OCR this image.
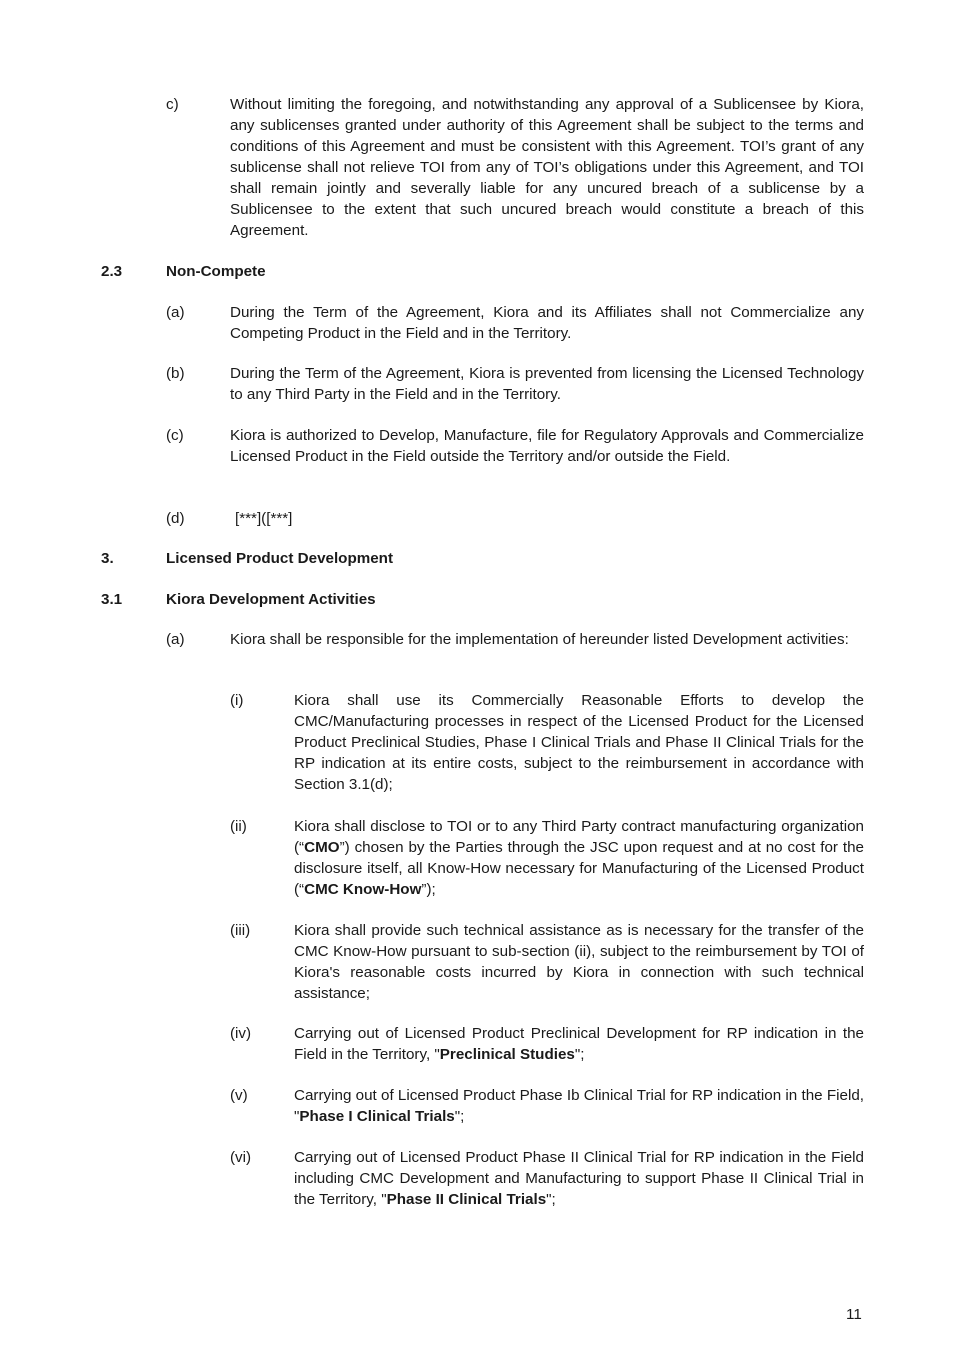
c)	Without limiting the foregoing, and notwithstanding any approval of a Sublicensee by Kiora, any sublicenses granted under authority of this Agreement shall be subject to the terms and conditions of this Agreement and must be consistent with this Agreement. TOI’s grant of any sublicense shall not relieve TOI from any of TOI’s obligations under this Agreement, and TOI shall remain jointly and severally liable for any uncured breach of a sublicense by a Sublicensee to the extent that such uncured breach would constitute a breach of this Agreement.
2.3	Non-Compete
(a)	During the Term of the Agreement, Kiora and its Affiliates shall not Commercialize any Competing Product in the Field and in the Territory.
(b)	During the Term of the Agreement, Kiora is prevented from licensing the Licensed Technology to any Third Party in the Field and in the Territory.
(c)	Kiora is authorized to Develop, Manufacture, file for Regulatory Approvals and Commercialize Licensed Product in the Field outside the Territory and/or outside the Field.
(d)	[***]([***]
3.	Licensed Product Development
3.1	Kiora Development Activities
(a)	Kiora shall be responsible for the implementation of hereunder listed Development activities:
(i)	Kiora shall use its Commercially Reasonable Efforts to develop the CMC/Manufacturing processes in respect of the Licensed Product for the Licensed Product Preclinical Studies, Phase I Clinical Trials and Phase II Clinical Trials for the RP indication at its entire costs, subject to the reimbursement in accordance with Section 3.1(d);
(ii)	Kiora shall disclose to TOI or to any Third Party contract manufacturing organization (“CMO”) chosen by the Parties through the JSC upon request and at no cost for the disclosure itself, all Know-How necessary for Manufacturing of the Licensed Product (“CMC Know-How”);
(iii)	Kiora shall provide such technical assistance as is necessary for the transfer of the CMC Know-How pursuant to sub-section (ii), subject to the reimbursement by TOI of Kiora's reasonable costs incurred by Kiora in connection with such technical assistance;
(iv)	Carrying out of Licensed Product Preclinical Development for RP indication in the Field in the Territory, "Preclinical Studies";
(v)	Carrying out of Licensed Product Phase Ib Clinical Trial for RP indication in the Field, "Phase I Clinical Trials";
(vi)	Carrying out of Licensed Product Phase II Clinical Trial for RP indication in the Field including CMC Development and Manufacturing to support Phase II Clinical Trial in the Territory, "Phase II Clinical Trials";
11
